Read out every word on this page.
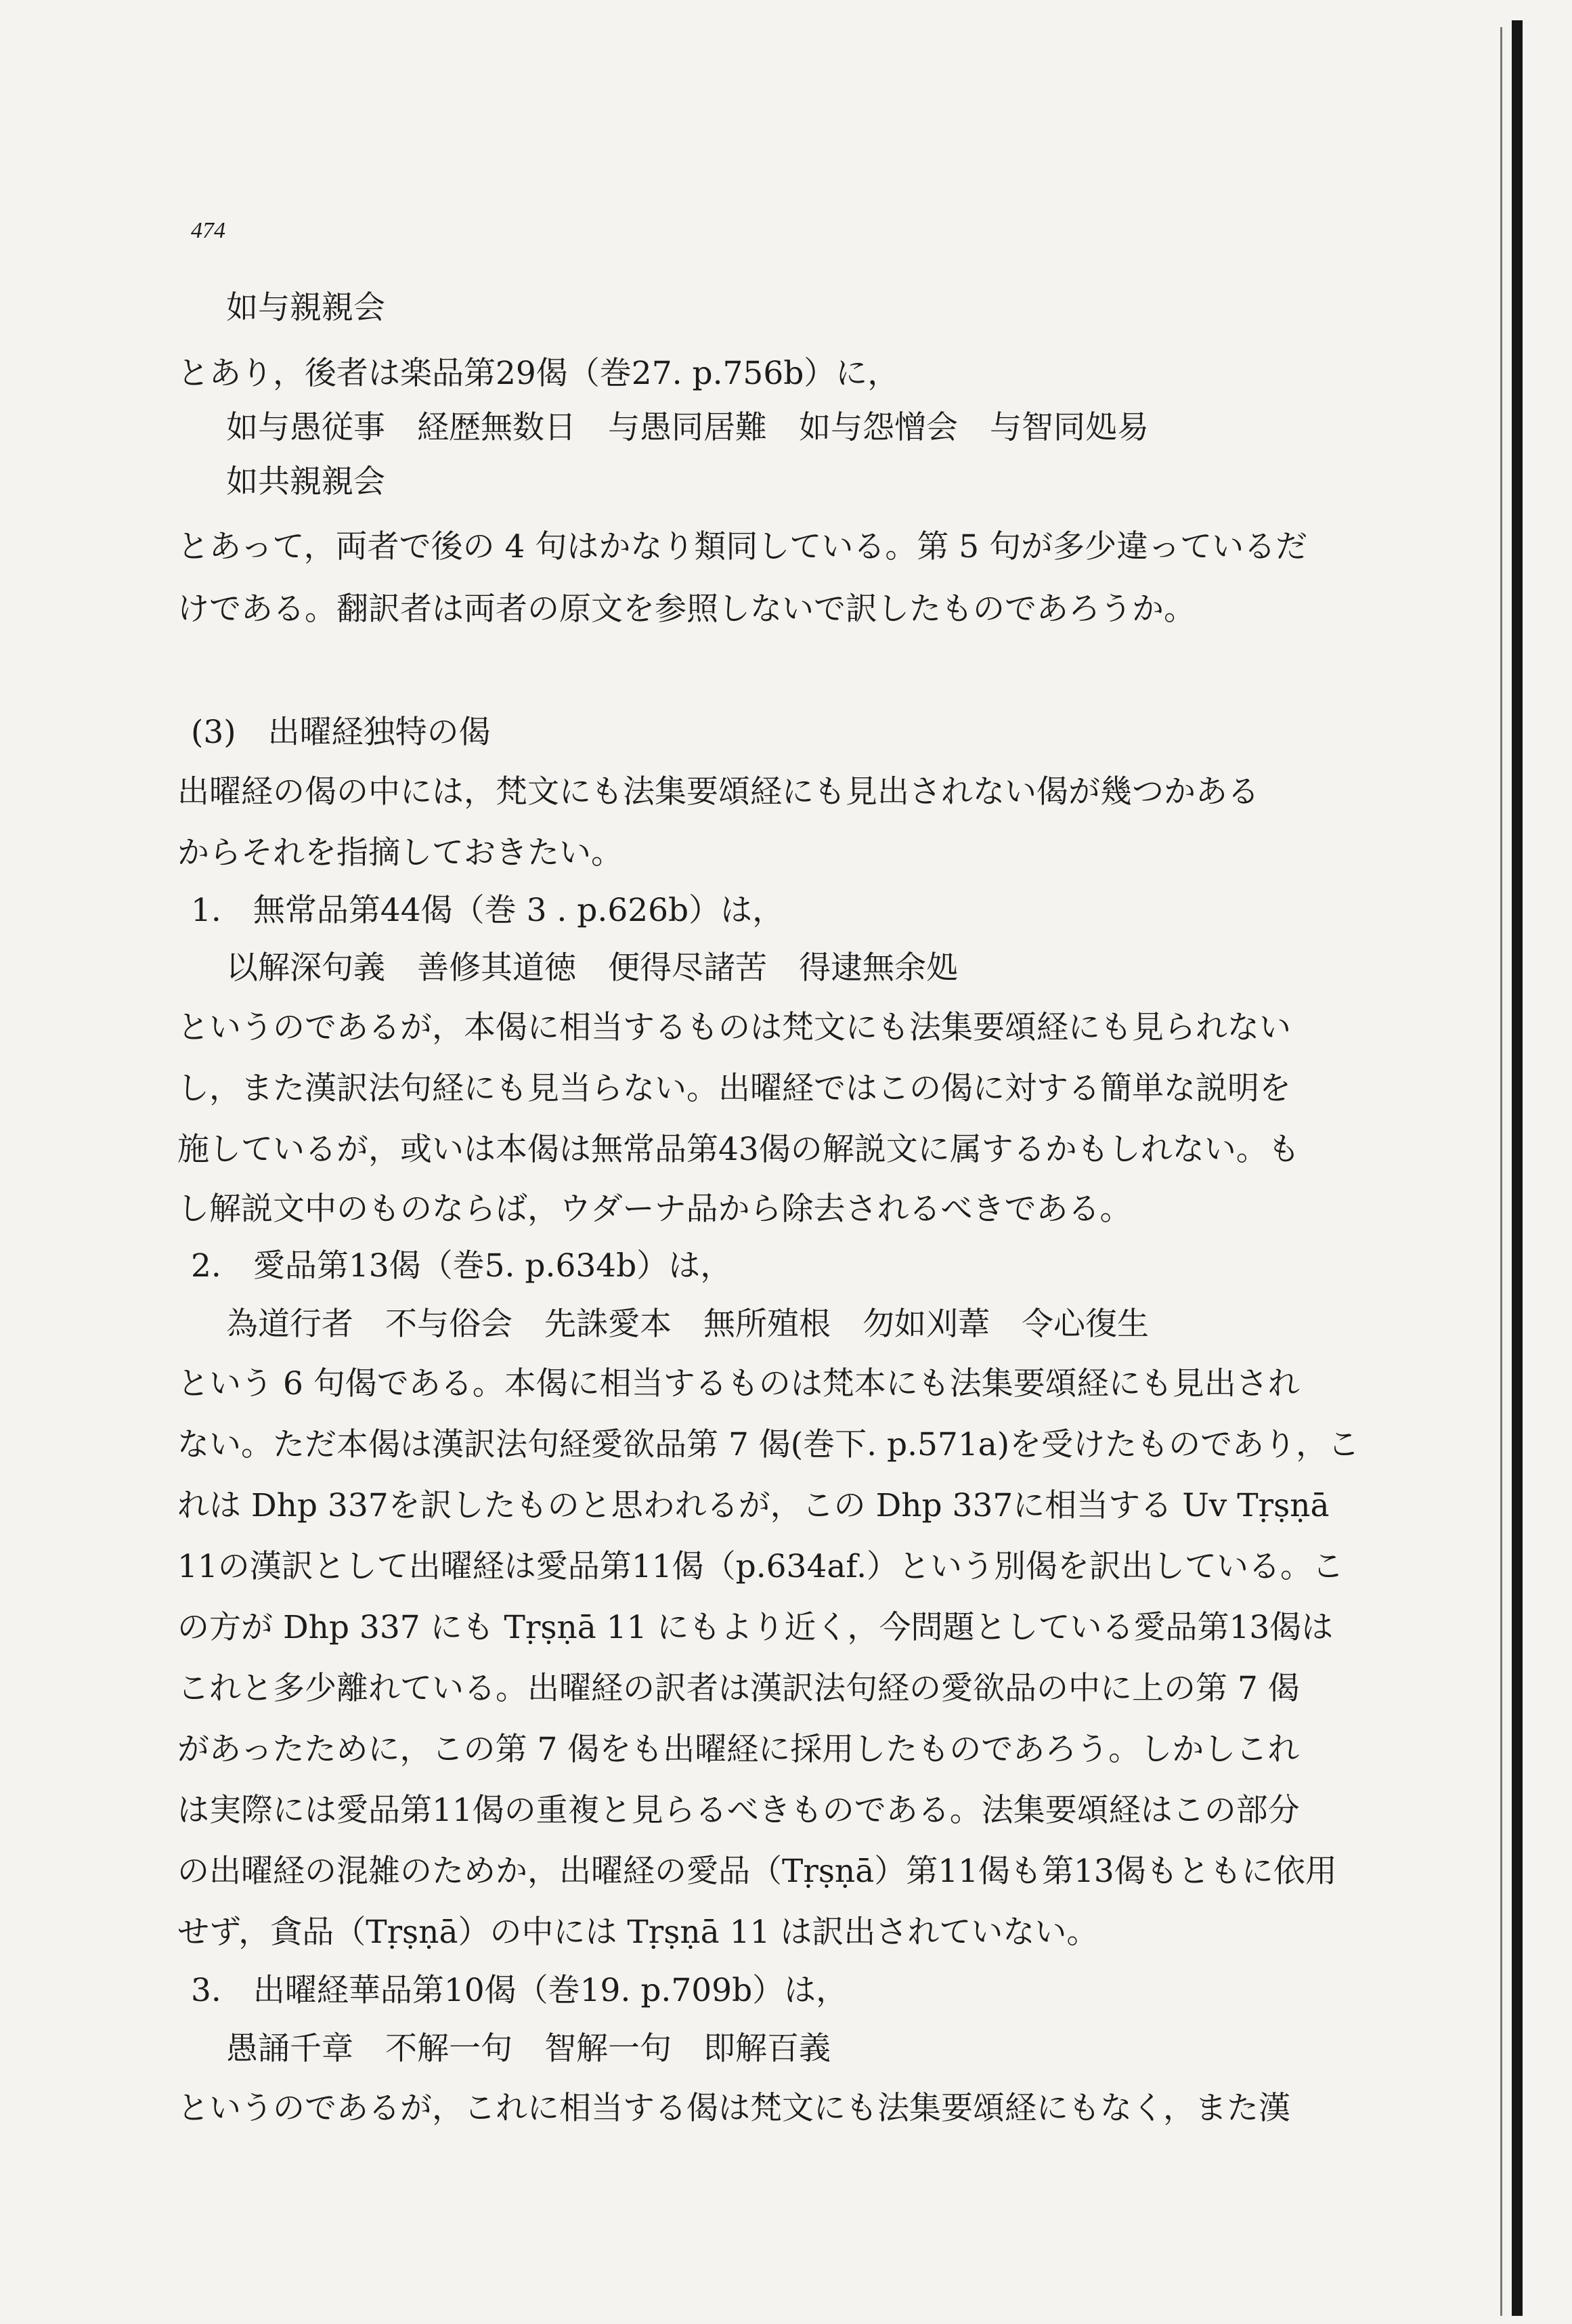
474
如与親親会
とあり，後者は楽品第29偈（巻27. p.756b）に，
如与愚従事　経歴無数日　与愚同居難　如与怨憎会　与智同処易
如共親親会
とあって，両者で後の 4 句はかなり類同している。第 5 句が多少違っているだ
けである。翻訳者は両者の原文を参照しないで訳したものであろうか。
(3)　出曜経独特の偈
出曜経の偈の中には，梵文にも法集要頌経にも見出されない偈が幾つかある
からそれを指摘しておきたい。
1.　無常品第44偈（巻 3 . p.626b）は，
以解深句義　善修其道徳　便得尽諸苦　得逮無余処
というのであるが，本偈に相当するものは梵文にも法集要頌経にも見られない
し，また漢訳法句経にも見当らない。出曜経ではこの偈に対する簡単な説明を
施しているが，或いは本偈は無常品第43偈の解説文に属するかもしれない。も
し解説文中のものならば，ウダーナ品から除去されるべきである。
2.　愛品第13偈（巻5. p.634b）は，
為道行者　不与俗会　先誅愛本　無所殖根　勿如刈葦　令心復生
という 6 句偈である。本偈に相当するものは梵本にも法集要頌経にも見出され
ない。ただ本偈は漢訳法句経愛欲品第 7 偈(巻下. p.571a)を受けたものであり，こ
れは Dhp 337を訳したものと思われるが，この Dhp 337に相当する Uv Tṛṣṇā
11の漢訳として出曜経は愛品第11偈（p.634af.）という別偈を訳出している。こ
の方が Dhp 337 にも Tṛṣṇā 11 にもより近く，今問題としている愛品第13偈は
これと多少離れている。出曜経の訳者は漢訳法句経の愛欲品の中に上の第 7 偈
があったために，この第 7 偈をも出曜経に採用したものであろう。しかしこれ
は実際には愛品第11偈の重複と見らるべきものである。法集要頌経はこの部分
の出曜経の混雑のためか，出曜経の愛品（Tṛṣṇā）第11偈も第13偈もともに依用
せず，貪品（Tṛṣṇā）の中には Tṛṣṇā 11 は訳出されていない。
3.　出曜経華品第10偈（巻19. p.709b）は，
愚誦千章　不解一句　智解一句　即解百義
というのであるが，これに相当する偈は梵文にも法集要頌経にもなく，また漢
